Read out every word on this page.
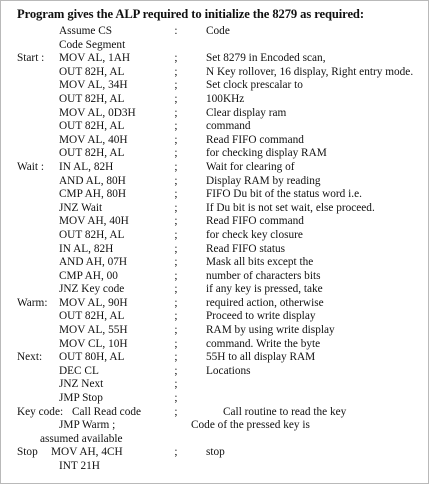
Program gives the ALP required to initialize the 8279 as required:
Assume CS	:	Code
Code Segment
Start : MOV AL, 1AH	;	Set 8279 in Encoded scan,
OUT 82H, AL	;	N Key rollover, 16 display, Right entry mode.
MOV AL, 34H	;	Set clock prescalar to
OUT 82H, AL	;	100KHz
MOV AL, 0D3H	;	Clear display ram
OUT 82H, AL	;	command
MOV AL, 40H	;	Read FIFO command
OUT 82H, AL	;	for checking display RAM
Wait : IN AL, 82H	;	Wait for clearing of
AND AL, 80H	;	Display RAM by reading
CMP AH, 80H	;	FIFO Du bit of the status word i.e.
JNZ Wait	;	If Du bit is not set wait, else proceed.
MOV AH, 40H	;	Read FIFO command
OUT 82H, AL	;	for check key closure
IN AL, 82H	;	Read FIFO status
AND AH, 07H	;	Mask all bits except the
CMP AH, 00	;	number of characters bits
JNZ Key code	;	if any key is pressed, take
Warm: MOV AL, 90H	;	required action, otherwise
OUT 82H, AL	;	Proceed to write display
MOV AL, 55H	;	RAM by using write display
MOV CL, 10H	;	command. Write the byte
Next: OUT 80H, AL	;	55H to all display RAM
DEC CL	;	Locations
JNZ Next	;
JMP Stop	;
Key code: Call Read code	;	Call routine to read the key
JMP Warm ;	Code of the pressed key is
assumed available
Stop MOV AH, 4CH	;	stop
INT 21H
